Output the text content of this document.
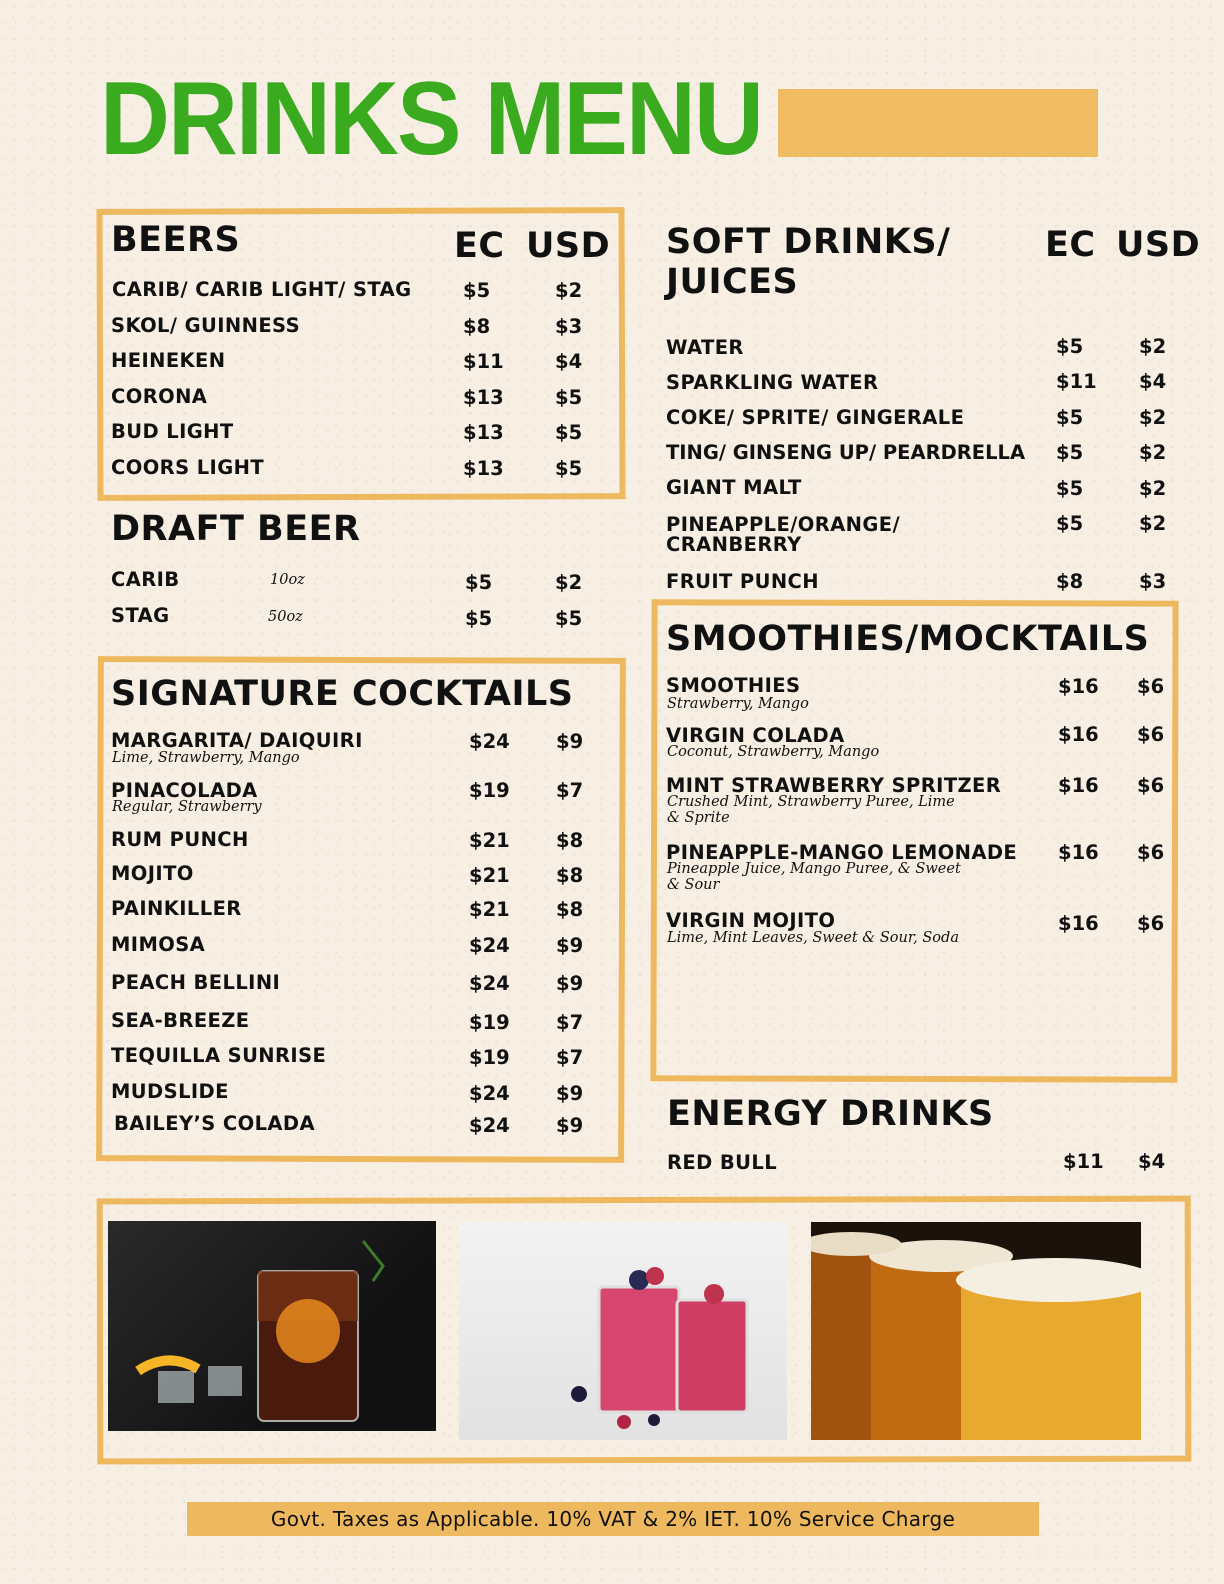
DRINKS MENU
BEERS	EC USD
CARIB/ CARIB LIGHT/ STAG	$5	$2
SKOL/ GUINNESS	$8	$3
HEINEKEN	$11	$4
CORONA	$13	$5
BUD LIGHT	$13	$5
COORS LIGHT	$13	$5
DRAFT BEER
CARIB	10oz	$5	$2
STAG	50oz	$5	$5
SIGNATURE COCKTAILS
MARGARITA/ DAIQUIRI
Lime, Strawberry, Mango
$24 $9
PINACOLADA
Regular, Strawberry
$19 $7
RUM PUNCH	$21 $8
MOJITO	$21 $8
PAINKILLER	$21 $8
MIMOSA	$24 $9
PEACH BELLINI	$24 $9
SEA-BREEZE	$19 $7
TEQUILLA SUNRISE	$19 $7
MUDSLIDE	$24 $9
BAILEY’S COLADA	$24 $9
SOFT DRINKS/
JUICES
EC USD
WATER	$5	$2
SPARKLING WATER	$11 $4
COKE/ SPRITE/ GINGERALE	$5	$2
TING/ GINSENG UP/ PEARDRELLA $5	$2
GIANT MALT	$5	$2
PINEAPPLE/ORANGE/
CRANBERRY
$5	$2
FRUIT PUNCH	$8	$3
SMOOTHIES/MOCKTAILS
SMOOTHIES
Strawberry, Mango
$16 $6
VIRGIN COLADA
Coconut, Strawberry, Mango
$16 $6
MINT STRAWBERRY SPRITZER
Crushed Mint, Strawberry Puree, Lime
& Sprite
$16 $6
PINEAPPLE-MANGO LEMONADE
Pineapple Juice, Mango Puree, & Sweet
& Sour
$16 $6
VIRGIN MOJITO
Lime, Mint Leaves, Sweet & Sour, Soda
$16 $6
ENERGY DRINKS
RED BULL	$11 $4
Govt. Taxes as Applicable. 10% VAT & 2% IET. 10% Service Charge
